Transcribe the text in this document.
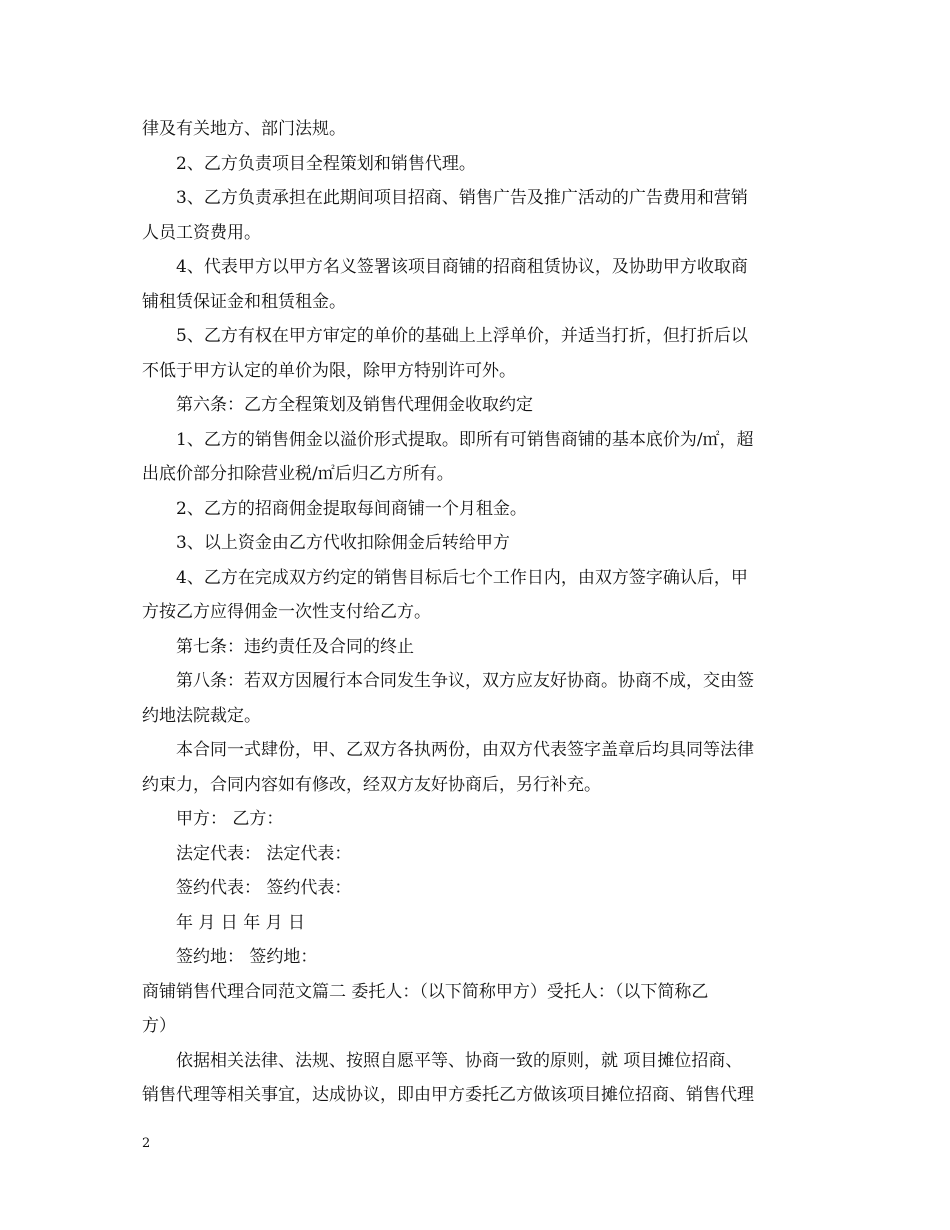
律及有关地方、部门法规。
2、乙方负责项目全程策划和销售代理。
3、乙方负责承担在此期间项目招商、销售广告及推广活动的广告费用和营销
人员工资费用。
4、代表甲方以甲方名义签署该项目商铺的招商租赁协议，及协助甲方收取商
铺租赁保证金和租赁租金。
5、乙方有权在甲方审定的单价的基础上上浮单价，并适当打折，但打折后以
不低于甲方认定的单价为限，除甲方特别许可外。
第六条：乙方全程策划及销售代理佣金收取约定
1、乙方的销售佣金以溢价形式提取。即所有可销售商铺的基本底价为/㎡，超
出底价部分扣除营业税/㎡后归乙方所有。
2、乙方的招商佣金提取每间商铺一个月租金。
3、以上资金由乙方代收扣除佣金后转给甲方
4、乙方在完成双方约定的销售目标后七个工作日内，由双方签字确认后，甲
方按乙方应得佣金一次性支付给乙方。
第七条：违约责任及合同的终止
第八条：若双方因履行本合同发生争议，双方应友好协商。协商不成，交由签
约地法院裁定。
本合同一式肆份，甲、乙双方各执两份，由双方代表签字盖章后均具同等法律
约束力，合同内容如有修改，经双方友好协商后，另行补充。
甲方： 乙方：
法定代表： 法定代表：
签约代表： 签约代表：
年 月 日 年 月 日
签约地： 签约地：
商铺销售代理合同范文篇二 委托人：（以下简称甲方）受托人：（以下简称乙
方）
依据相关法律、法规、按照自愿平等、协商一致的原则，就 项目摊位招商、
销售代理等相关事宜，达成协议，即由甲方委托乙方做该项目摊位招商、销售代理
2
